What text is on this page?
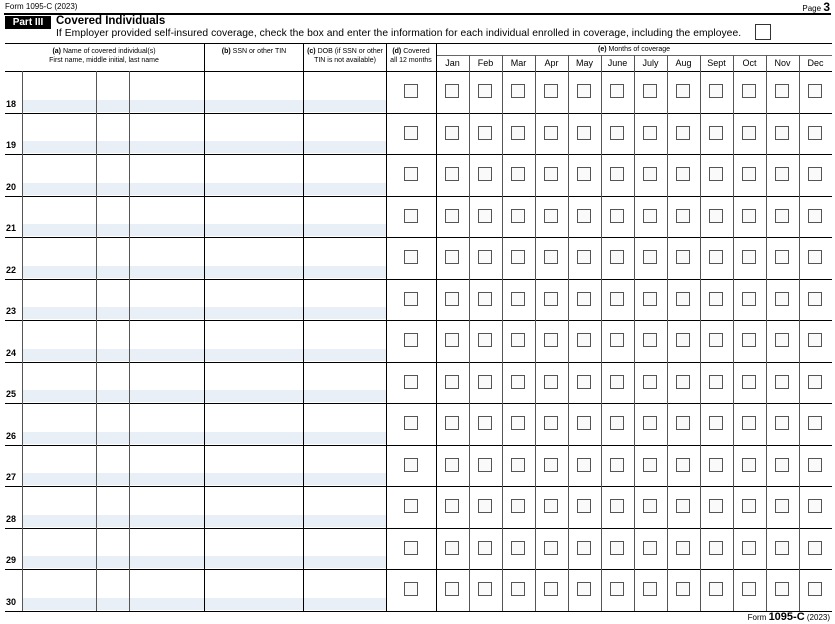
Form 1095-C (2023)	Page 3
Part III	Covered Individuals
If Employer provided self-insured coverage, check the box and enter the information for each individual enrolled in coverage, including the employee.
(a) Name of covered individual(s)
First name, middle initial, last name
(b) SSN or other TIN	(c) DOB (if SSN or other
TIN is not available)
(d) Covered
all 12 months
(e) Months of coverage
Form 1095-C (2023)
Jan	Feb	Mar	Apr	May	June	July	Aug	Sept	Oct	Nov	Dec
18
19
20
21
22
23
24
25
26
27
28
29
30
